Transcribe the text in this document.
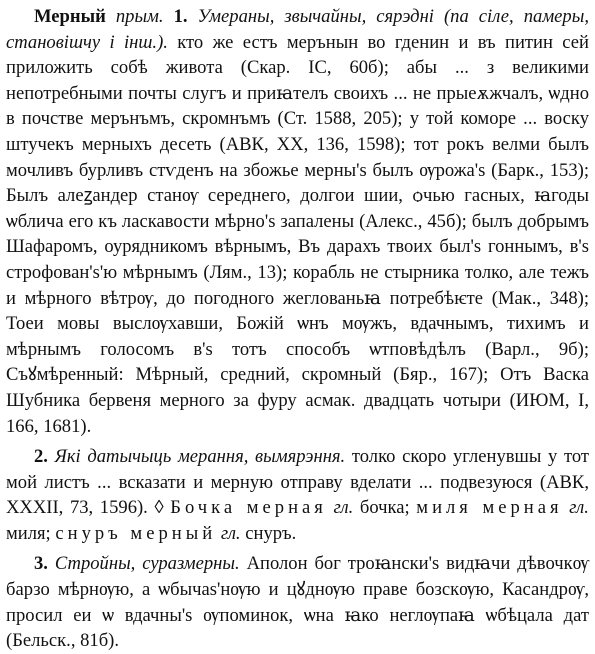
Мерный прым. 1. Умераны, звычайны, сярэдні (па сіле, памеры, становішчу і інш.). кто же естъ мерънын во гденин и въ питин сей приложить собѣ живота (Скар. ІС, 60б); абы ... з великими непотребными почты слугъ и приꙗтелъ своихъ ... не прыеѫжчалъ, ѡдно в почстве мерънъмъ, скромнъмъ (Ст. 1588, 205); у той коморе ... воску штучекъ мерныхъ десеть (АВК, XX, 136, 1598); тот рокъ велми былъ мочливъ бурливъ стѵденъ на збожье мерны's былъ ѹрожа's (Барк., 153); Былъ алеꙁандер станѹ середнего, долгои шии, ѻчью гасных, ꙗгоды ѡблича его къ ласкавости мѣрно's запалены (Алекс., 45б); былъ добрымъ Шафаромъ, оурядникомъ вѣрнымъ, Въ дарахъ твоих был's гоннымъ, в's строфован's'ю мѣрнымъ (Лям., 13); корабль не стырника толко, але тежъ и мѣрного вѣтрѹ, до погодного жеглованьꙗ потребѣѥте (Мак., 348); Тоеи мовы выслѹхавши, Божій ѡнъ мѹжъ, вдачнымъ, тихимъ и мѣрнымъ голосомъ в's тотъ способъ ѡтповѣдѣлъ (Варл., 9б); Съꙋмѣренный: Мѣрный, средний, скромный (Бяр., 167); Отъ Васка Шубника бервеня мерного за фуру асмак. двадцать чотыри (ИЮМ, І, 166, 1681).

2. Які датычыць мерання, вымярэння. толко скоро угленувшы у тот мой листъ ... всказати и мерную отправу вделати ... подвезуюся (АВК, XXXII, 73, 1596). ◊ Бочка мерная гл. бочка; миля мерная гл. миля; снуръ мерный гл. снуръ.

3. Стройны, суразмерны. Аполон бог троꙗнски's видꙗчи дѣвочкѹ барзо мѣрнѹю, а ѡбычаѕ'нѹю и цꙋднѹю праве бозскѹю, Касандрѹ, просил еи ѡ вдачны's ѹпоминок, ѡна ꙗко неглѹпаꙗ ѡбѣцала дат (Бельск., 81б).
